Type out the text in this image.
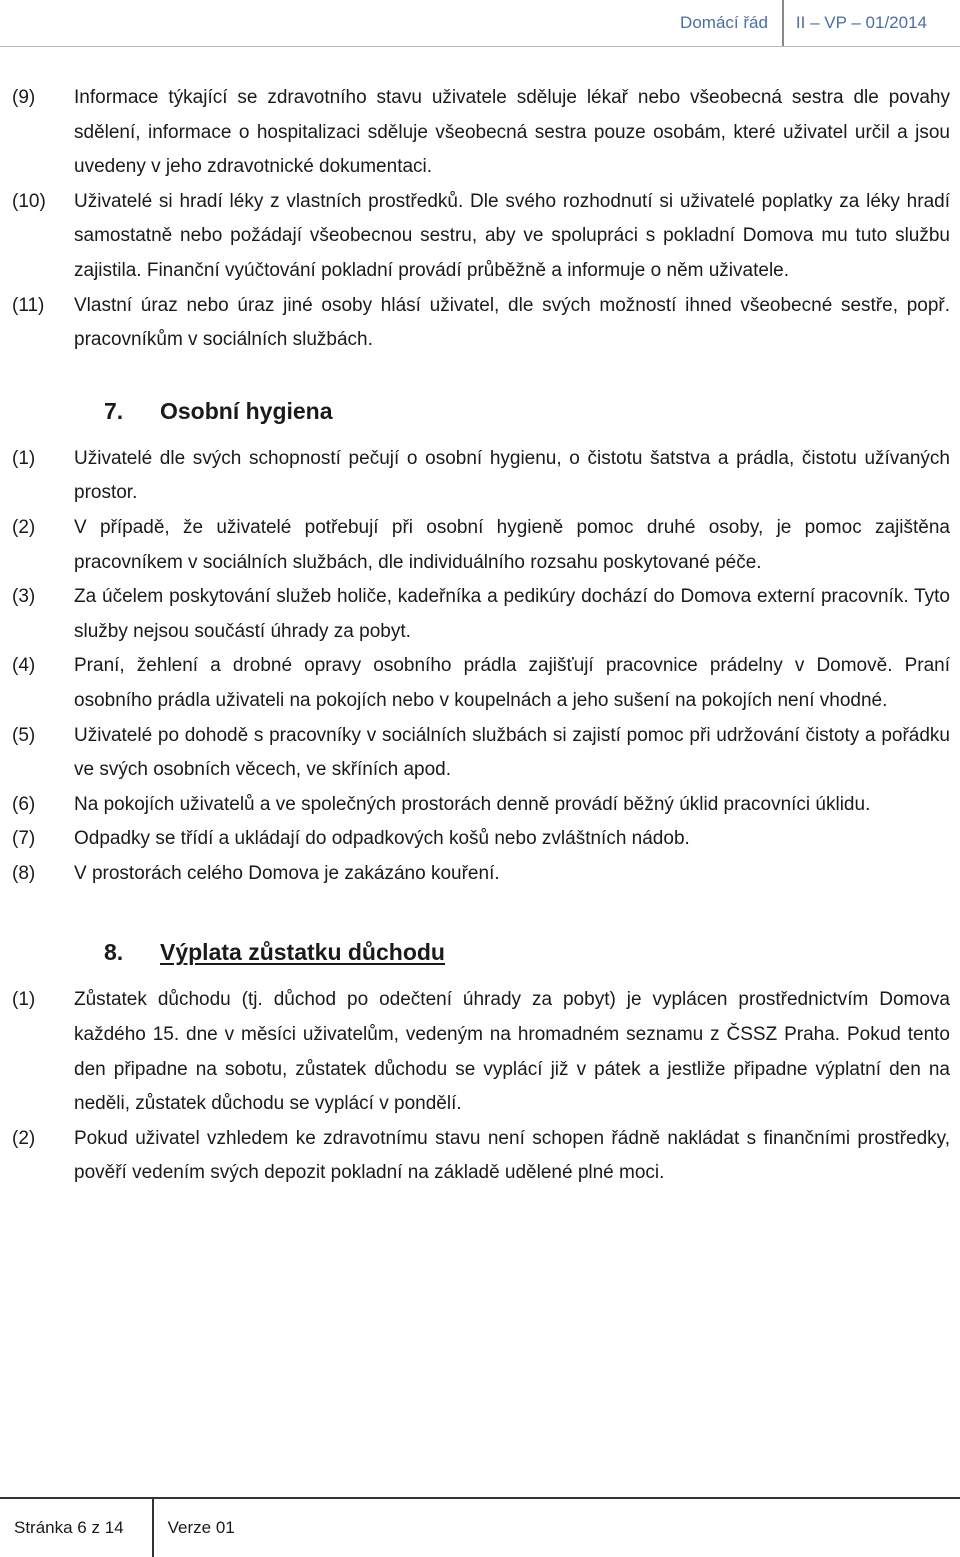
Domácí řád	II – VP – 01/2014
(9)	Informace týkající se zdravotního stavu uživatele sděluje lékař nebo všeobecná sestra dle povahy sdělení, informace o hospitalizaci sděluje všeobecná sestra pouze osobám, které uživatel určil a jsou uvedeny v jeho zdravotnické dokumentaci.
(10)	Uživatelé si hradí léky z vlastních prostředků. Dle svého rozhodnutí si uživatelé poplatky za léky hradí samostatně nebo požádají všeobecnou sestru, aby ve spolupráci s pokladní Domova mu tuto službu zajistila. Finanční vyúčtování pokladní provádí průběžně a informuje o něm uživatele.
(11)	Vlastní úraz nebo úraz jiné osoby hlásí uživatel, dle svých možností ihned všeobecné sestře, popř. pracovníkům v sociálních službách.
7.	Osobní hygiena
(1)	Uživatelé dle svých schopností pečují o osobní hygienu, o čistotu šatstva a prádla, čistotu užívaných prostor.
(2)	V případě, že uživatelé potřebují při osobní hygieně pomoc druhé osoby, je pomoc zajištěna pracovníkem v sociálních službách, dle individuálního rozsahu poskytované péče.
(3)	Za účelem poskytování služeb holiče, kadeřníka a pedikúry dochází do Domova externí pracovník. Tyto služby nejsou součástí úhrady za pobyt.
(4)	Praní, žehlení a drobné opravy osobního prádla zajišťují pracovnice prádelny v Domově. Praní osobního prádla uživateli na pokojích nebo v koupelnách a jeho sušení na pokojích není vhodné.
(5)	Uživatelé po dohodě s pracovníky v sociálních službách si zajistí pomoc při udržování čistoty a pořádku ve svých osobních věcech, ve skříních apod.
(6)	Na pokojích uživatelů a ve společných prostorách denně provádí běžný úklid pracovníci úklidu.
(7)	Odpadky se třídí a ukládají do odpadkových košů nebo zvláštních nádob.
(8)	V prostorách celého Domova je zakázáno kouření.
8.	Výplata zůstatku důchodu
(1)	Zůstatek důchodu (tj. důchod po odečtení úhrady za pobyt) je vyplácen prostřednictvím Domova každého 15. dne v měsíci uživatelům, vedeným na hromadném seznamu z ČSSZ Praha. Pokud tento den připadne na sobotu, zůstatek důchodu se vyplácí již v pátek a jestliže připadne výplatní den na neděli, zůstatek důchodu se vyplácí v pondělí.
(2)	Pokud uživatel vzhledem ke zdravotnímu stavu není schopen řádně nakládat s finančními prostředky, pověří vedením svých depozit pokladní na základě udělené plné moci.
Stránka 6 z 14	Verze 01
